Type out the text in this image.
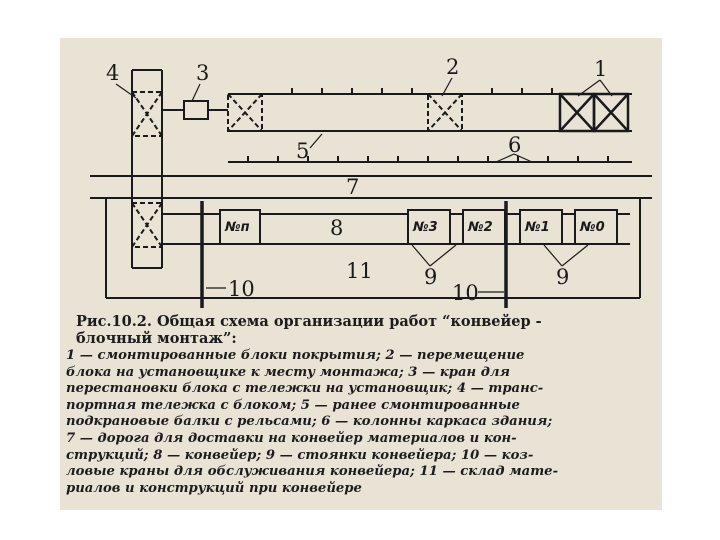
4	3	2	1
5	6
7
8
9	9
10	10
11
№п	№3 №2 №1 №0

Рис.10.2. Общая схема организации работ “конвейер -
блочный монтаж”:

1 — смонтированные блоки покрытия; 2 — перемещение
блока на установщике к месту монтажа; 3 — кран для
перестановки блока с тележки на установщик; 4 — транс-
портная тележка с блоком; 5 — ранее смонтированные
подкрановые балки с рельсами; 6 — колонны каркаса здания;
7 — дорога для доставки на конвейер материалов и кон-
струкций; 8 — конвейер; 9 — стоянки конвейера; 10 — коз-
ловые краны для обслуживания конвейера; 11 — склад мате-
риалов и конструкций при конвейере
